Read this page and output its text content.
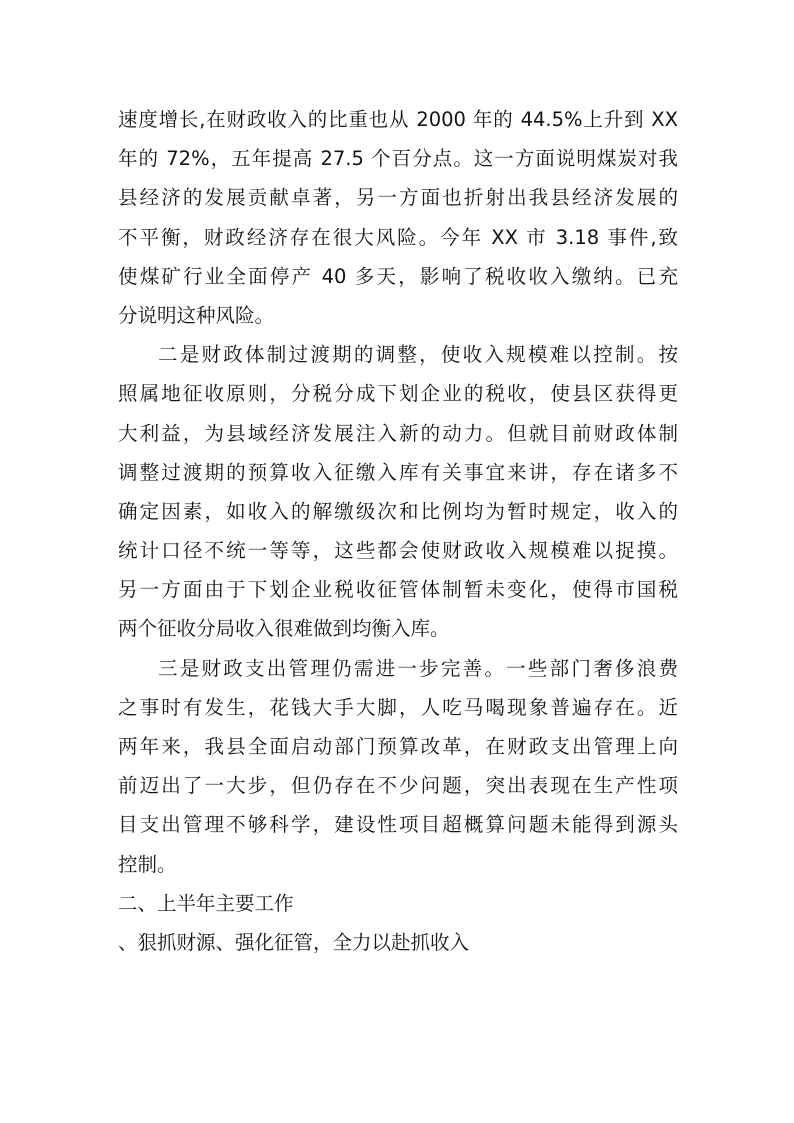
速度增长,在财政收入的比重也从 2000 年的 44.5%上升到 XX
年的 72%，五年提高 27.5 个百分点。这一方面说明煤炭对我
县经济的发展贡献卓著，另一方面也折射出我县经济发展的
不平衡，财政经济存在很大风险。今年 XX 市 3.18 事件,致
使煤矿行业全面停产 40 多天，影响了税收收入缴纳。已充
分说明这种风险。
二是财政体制过渡期的调整，使收入规模难以控制。按
照属地征收原则，分税分成下划企业的税收，使县区获得更
大利益，为县域经济发展注入新的动力。但就目前财政体制
调整过渡期的预算收入征缴入库有关事宜来讲，存在诸多不
确定因素，如收入的解缴级次和比例均为暂时规定，收入的
统计口径不统一等等，这些都会使财政收入规模难以捉摸。
另一方面由于下划企业税收征管体制暂未变化，使得市国税
两个征收分局收入很难做到均衡入库。
三是财政支出管理仍需进一步完善。一些部门奢侈浪费
之事时有发生，花钱大手大脚，人吃马喝现象普遍存在。近
两年来，我县全面启动部门预算改革，在财政支出管理上向
前迈出了一大步，但仍存在不少问题，突出表现在生产性项
目支出管理不够科学，建设性项目超概算问题未能得到源头
控制。
二、上半年主要工作
、狠抓财源、强化征管，全力以赴抓收入
